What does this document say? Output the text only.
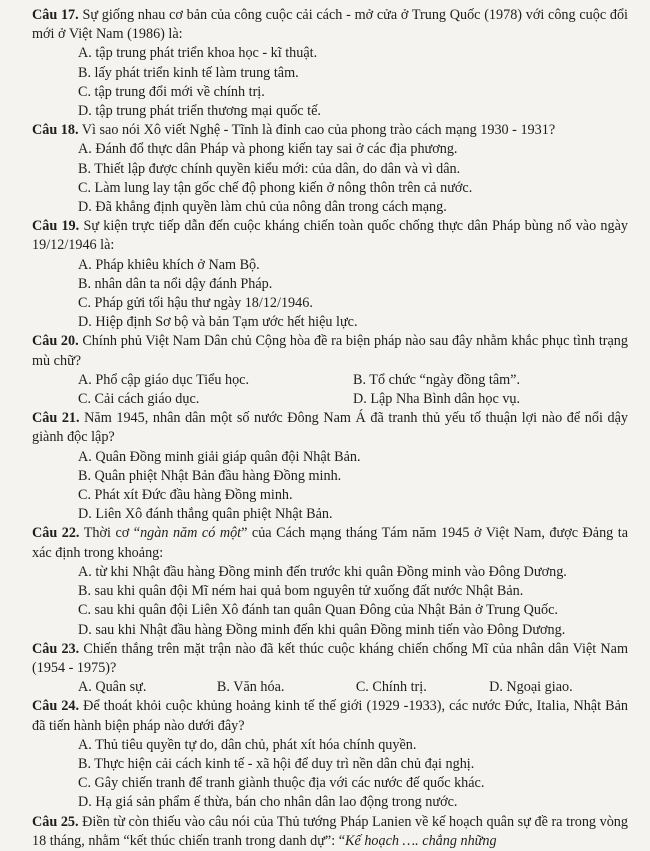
Câu 17. Sự giống nhau cơ bản của công cuộc cải cách - mở cửa ở Trung Quốc (1978) với công cuộc đổi mới ở Việt Nam (1986) là:

A. tập trung phát triển khoa học - kĩ thuật.

B. lấy phát triển kinh tế làm trung tâm.

C. tập trung đổi mới về chính trị.

D. tập trung phát triển thương mại quốc tế.

Câu 18. Vì sao nói Xô viết Nghệ - Tĩnh là đỉnh cao của phong trào cách mạng 1930 - 1931?

A. Đánh đổ thực dân Pháp và phong kiến tay sai ở các địa phương.

B. Thiết lập được chính quyền kiểu mới: của dân, do dân và vì dân.

C. Làm lung lay tận gốc chế độ phong kiến ở nông thôn trên cả nước.

D. Đã khẳng định quyền làm chủ của nông dân trong cách mạng.

Câu 19. Sự kiện trực tiếp dẫn đến cuộc kháng chiến toàn quốc chống thực dân Pháp bùng nổ vào ngày 19/12/1946 là:

A. Pháp khiêu khích ở Nam Bộ.

B. nhân dân ta nổi dậy đánh Pháp.

C. Pháp gửi tối hậu thư ngày 18/12/1946.

D. Hiệp định Sơ bộ và bản Tạm ước hết hiệu lực.

Câu 20. Chính phủ Việt Nam Dân chủ Cộng hòa đề ra biện pháp nào sau đây nhằm khắc phục tình trạng mù chữ?

A. Phổ cập giáo dục Tiểu học.	B. Tổ chức “ngày đồng tâm”.
C. Cải cách giáo dục.	D. Lập Nha Bình dân học vụ.

Câu 21. Năm 1945, nhân dân một số nước Đông Nam Á đã tranh thủ yếu tố thuận lợi nào để nổi dậy giành độc lập?

A. Quân Đồng minh giải giáp quân đội Nhật Bản.

B. Quân phiệt Nhật Bản đầu hàng Đồng minh.

C. Phát xít Đức đầu hàng Đồng minh.

D. Liên Xô đánh thắng quân phiệt Nhật Bản.

Câu 22. Thời cơ “ngàn năm có một” của Cách mạng tháng Tám năm 1945 ở Việt Nam, được Đảng ta xác định trong khoảng:

A. từ khi Nhật đầu hàng Đồng minh đến trước khi quân Đồng minh vào Đông Dương.

B. sau khi quân đội Mĩ ném hai quả bom nguyên tử xuống đất nước Nhật Bản.

C. sau khi quân đội Liên Xô đánh tan quân Quan Đông của Nhật Bản ở Trung Quốc.

D. sau khi Nhật đầu hàng Đồng minh đến khi quân Đồng minh tiến vào Đông Dương.

Câu 23. Chiến thắng trên mặt trận nào đã kết thúc cuộc kháng chiến chống Mĩ của nhân dân Việt Nam (1954 - 1975)?

A. Quân sự.	B. Văn hóa.	C. Chính trị.	D. Ngoại giao.

Câu 24. Để thoát khỏi cuộc khủng hoảng kinh tế thế giới (1929 -1933), các nước Đức, Italia, Nhật Bản đã tiến hành biện pháp nào dưới đây?

A. Thủ tiêu quyền tự do, dân chủ, phát xít hóa chính quyền.

B. Thực hiện cải cách kinh tế - xã hội để duy trì nền dân chủ đại nghị.

C. Gây chiến tranh để tranh giành thuộc địa với các nước đế quốc khác.

D. Hạ giá sản phẩm ế thừa, bán cho nhân dân lao động trong nước.

Câu 25. Điền từ còn thiếu vào câu nói của Thủ tướng Pháp Lanien về kế hoạch quân sự đề ra trong vòng 18 tháng, nhằm “kết thúc chiến tranh trong danh dự”: “Kế hoạch …. chẳng những
